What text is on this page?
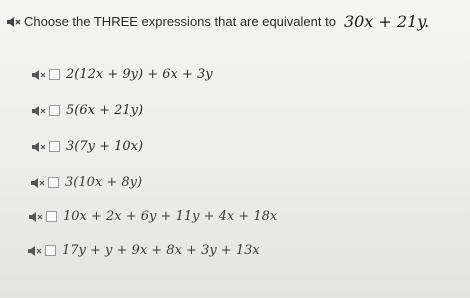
Choose the THREE expressions that are equivalent to 30x + 21y.
2(12x + 9y) + 6x + 3y
5(6x + 21y)
3(7y + 10x)
3(10x + 8y)
10x + 2x + 6y + 11y + 4x + 18x
17y + y + 9x + 8x + 3y + 13x
